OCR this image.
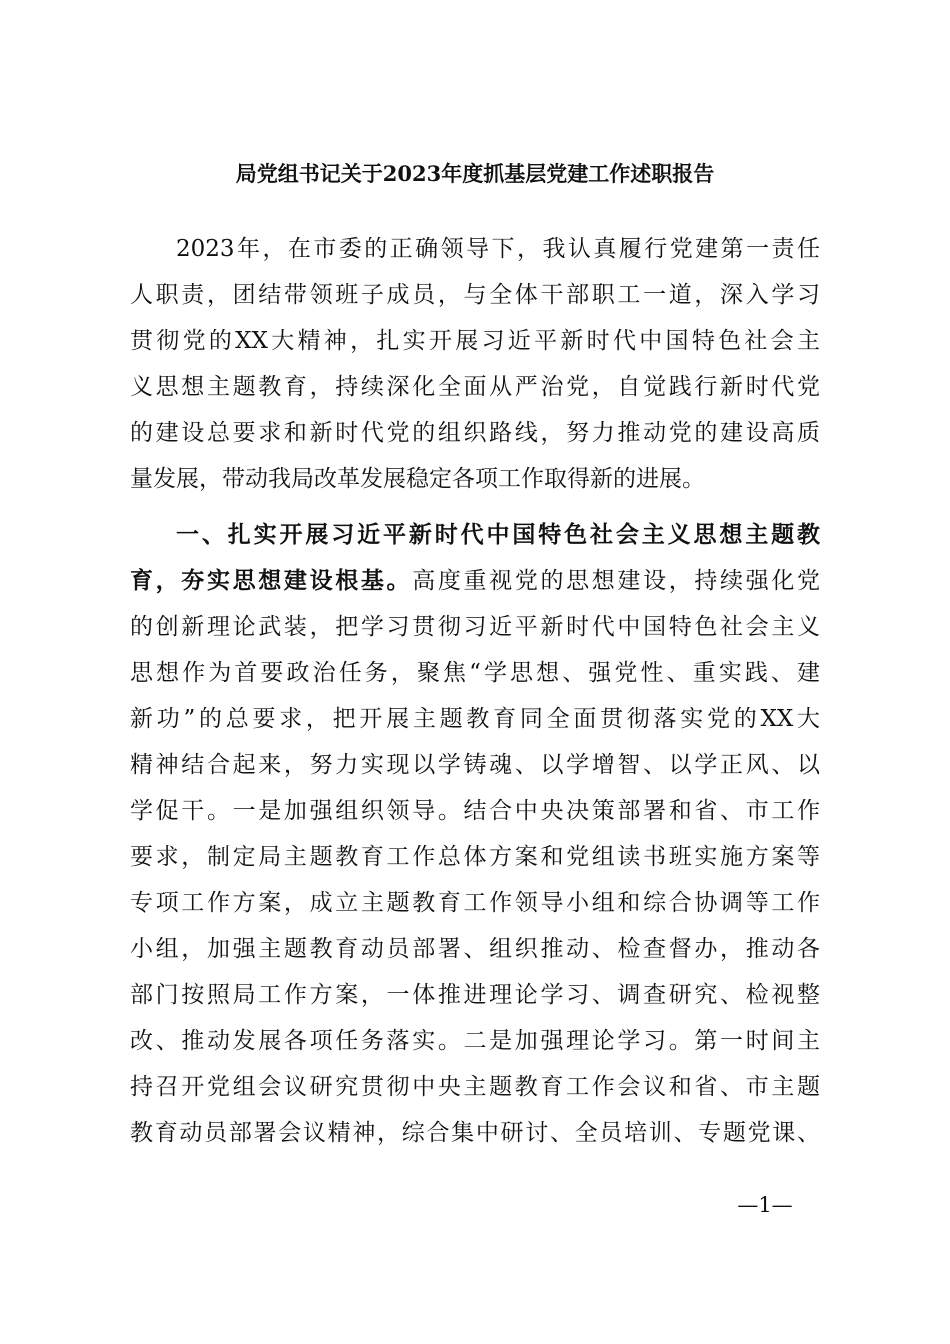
局党组书记关于2023年度抓基层党建工作述职报告
2023年，在市委的正确领导下，我认真履行党建第一责任
人职责，团结带领班子成员，与全体干部职工一道，深入学习
贯彻党的XX大精神，扎实开展习近平新时代中国特色社会主
义思想主题教育，持续深化全面从严治党，自觉践行新时代党
的建设总要求和新时代党的组织路线，努力推动党的建设高质
量发展，带动我局改革发展稳定各项工作取得新的进展。
一、扎实开展习近平新时代中国特色社会主义思想主题教
育，夯实思想建设根基。高度重视党的思想建设，持续强化党
的创新理论武装，把学习贯彻习近平新时代中国特色社会主义
思想作为首要政治任务，聚焦“学思想、强党性、重实践、建
新功”的总要求，把开展主题教育同全面贯彻落实党的XX大
精神结合起来，努力实现以学铸魂、以学增智、以学正风、以
学促干。一是加强组织领导。结合中央决策部署和省、市工作
要求，制定局主题教育工作总体方案和党组读书班实施方案等
专项工作方案，成立主题教育工作领导小组和综合协调等工作
小组，加强主题教育动员部署、组织推动、检查督办，推动各
部门按照局工作方案，一体推进理论学习、调查研究、检视整
改、推动发展各项任务落实。二是加强理论学习。第一时间主
持召开党组会议研究贯彻中央主题教育工作会议和省、市主题
教育动员部署会议精神，综合集中研讨、全员培训、专题党课、
—1—
